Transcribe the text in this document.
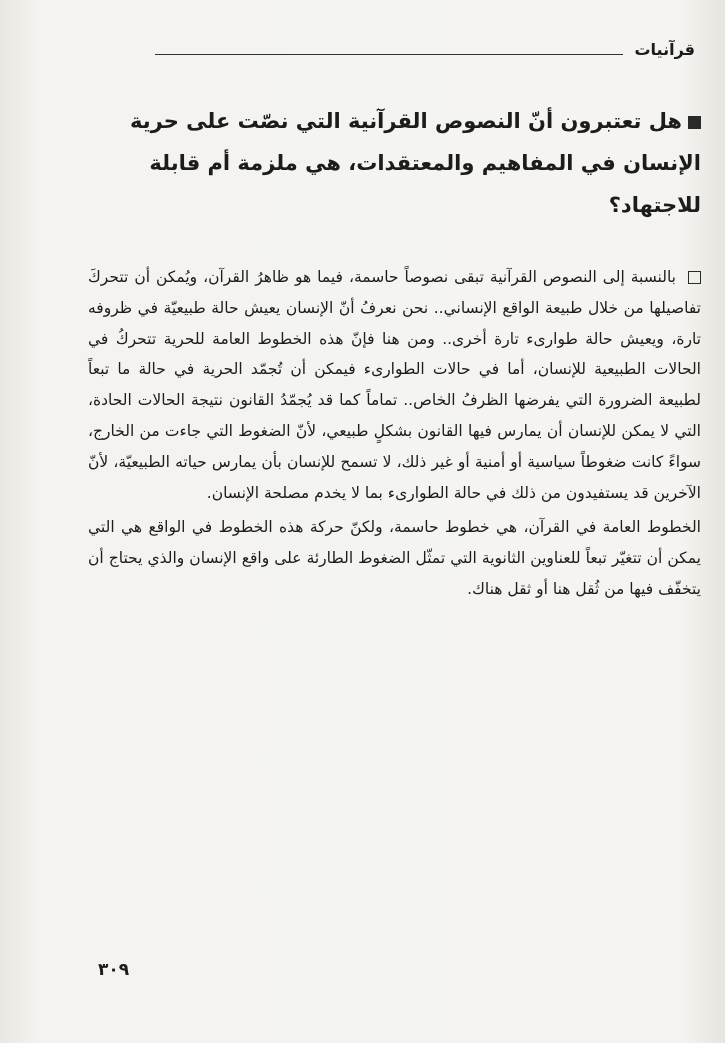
قرآنيات

هل تعتبرون أنّ النصوص القرآنية التي نصّت على حرية الإنسان في المفاهيم والمعتقدات، هي ملزمة أم قابلة للاجتهاد؟

بالنسبة إلى النصوص القرآنية تبقى نصوصاً حاسمة، فيما هو ظاهرُ القرآن، ويُمكن أن تتحركَ تفاصيلها من خلال طبيعة الواقع الإنساني.. نحن نعرفُ أنّ الإنسان يعيش حالة طبيعيّة في ظروفه تارة، ويعيش حالة طوارىء تارة أخرى.. ومن هنا فإنّ هذه الخطوط العامة للحرية تتحركُ في الحالات الطبيعية للإنسان، أما في حالات الطوارىء فيمكن أن تُجمّد الحرية في حالة ما تبعاً لطبيعة الضرورة التي يفرضها الظرفُ الخاص.. تماماً كما قد يُجمّدُ القانون نتيجة الحالات الحادة، التي لا يمكن للإنسان أن يمارس فيها القانون بشكلٍ طبيعي، لأنّ الضغوط التي جاءت من الخارج، سواءً كانت ضغوطاً سياسية أو أمنية أو غير ذلك، لا تسمح للإنسان بأن يمارس حياته الطبيعيّة، لأنّ الآخرين قد يستفيدون من ذلك في حالة الطوارىء بما لا يخدم مصلحة الإنسان.

الخطوط العامة في القرآن، هي خطوط حاسمة، ولكنّ حركة هذه الخطوط في الواقع هي التي يمكن أن تتغيّر تبعاً للعناوين الثانوية التي تمثّل الضغوط الطارئة على واقع الإنسان والذي يحتاج أن يتخفّف فيها من ثُقل هنا أو ثقل هناك.

٣٠٩
